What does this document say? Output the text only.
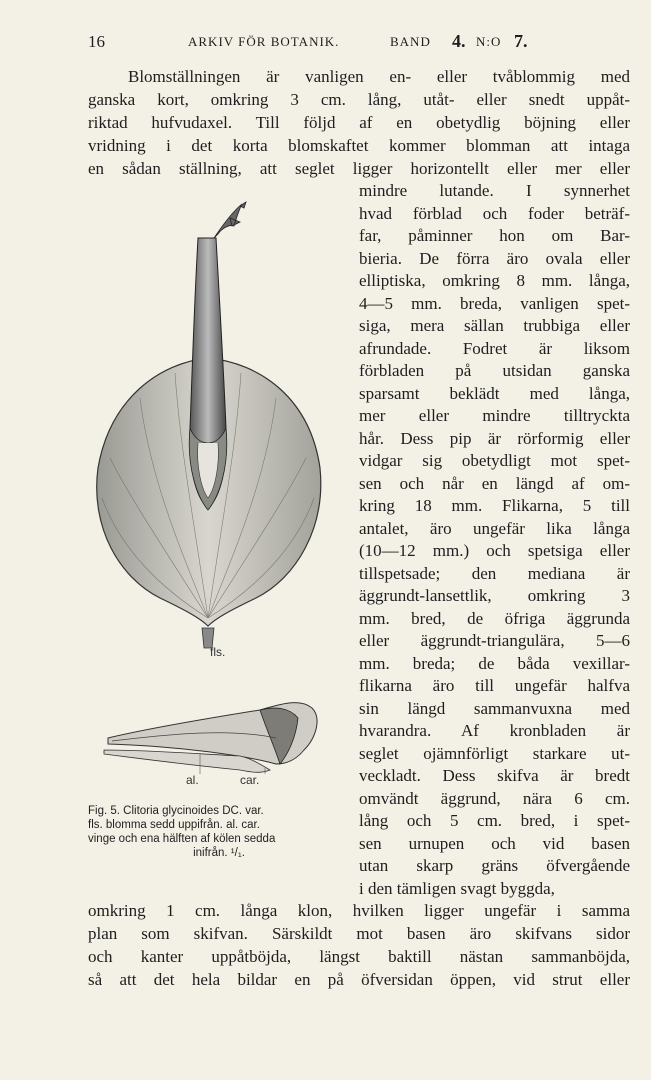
16	ARKIV FÖR BOTANIK.	BAND 4. N:O 7.
Blomställningen är vanligen en- eller tvåblommig med
ganska kort, omkring 3 cm. lång, utåt- eller snedt uppåt-
riktad hufvudaxel. Till följd af en obetydlig böjning eller
vridning i det korta blomskaftet kommer blomman att intaga
en sådan ställning, att seglet ligger horizontellt eller mer eller
mindre lutande. I synnerhet
hvad förblad och foder beträf-
far, påminner hon om Bar-
bieria. De förra äro ovala eller
elliptiska, omkring 8 mm. långa,
4—5 mm. breda, vanligen spet-
siga, mera sällan trubbiga eller
afrundade. Fodret är liksom
förbladen på utsidan ganska
sparsamt beklädt med långa,
mer eller mindre tilltryckta
hår. Dess pip är rörformig eller
vidgar sig obetydligt mot spet-
sen och når en längd af om-
kring 18 mm. Flikarna, 5 till
antalet, äro ungefär lika långa
(10—12 mm.) och spetsiga eller
tillspetsade; den mediana är
äggrundt-lansettlik, omkring 3
mm. bred, de öfriga äggrunda
eller äggrundt-triangulära, 5—6
mm. breda; de båda vexillar-
flikarna äro till ungefär halfva
sin längd sammanvuxna med
hvarandra. Af kronbladen är
seglet ojämnförligt starkare ut-
veckladt. Dess skifva är bredt
omvändt äggrund, nära 6 cm.
lång och 5 cm. bred, i spet-
sen urnupen och vid basen
utan skarp gräns öfvergående
i den tämligen svagt byggda,
fls.
al.	car.
Fig. 5. Clitoria glycinoides DC. var.
fls. blomma sedd uppifrån. al. car.
vinge och ena hälften af kölen sedda
inifrån. ¹/₁.
omkring 1 cm. långa klon, hvilken ligger ungefär i samma
plan som skifvan. Särskildt mot basen äro skifvans sidor
och kanter uppåtböjda, längst baktill nästan sammanböjda,
så att det hela bildar en på öfversidan öppen, vid strut eller
